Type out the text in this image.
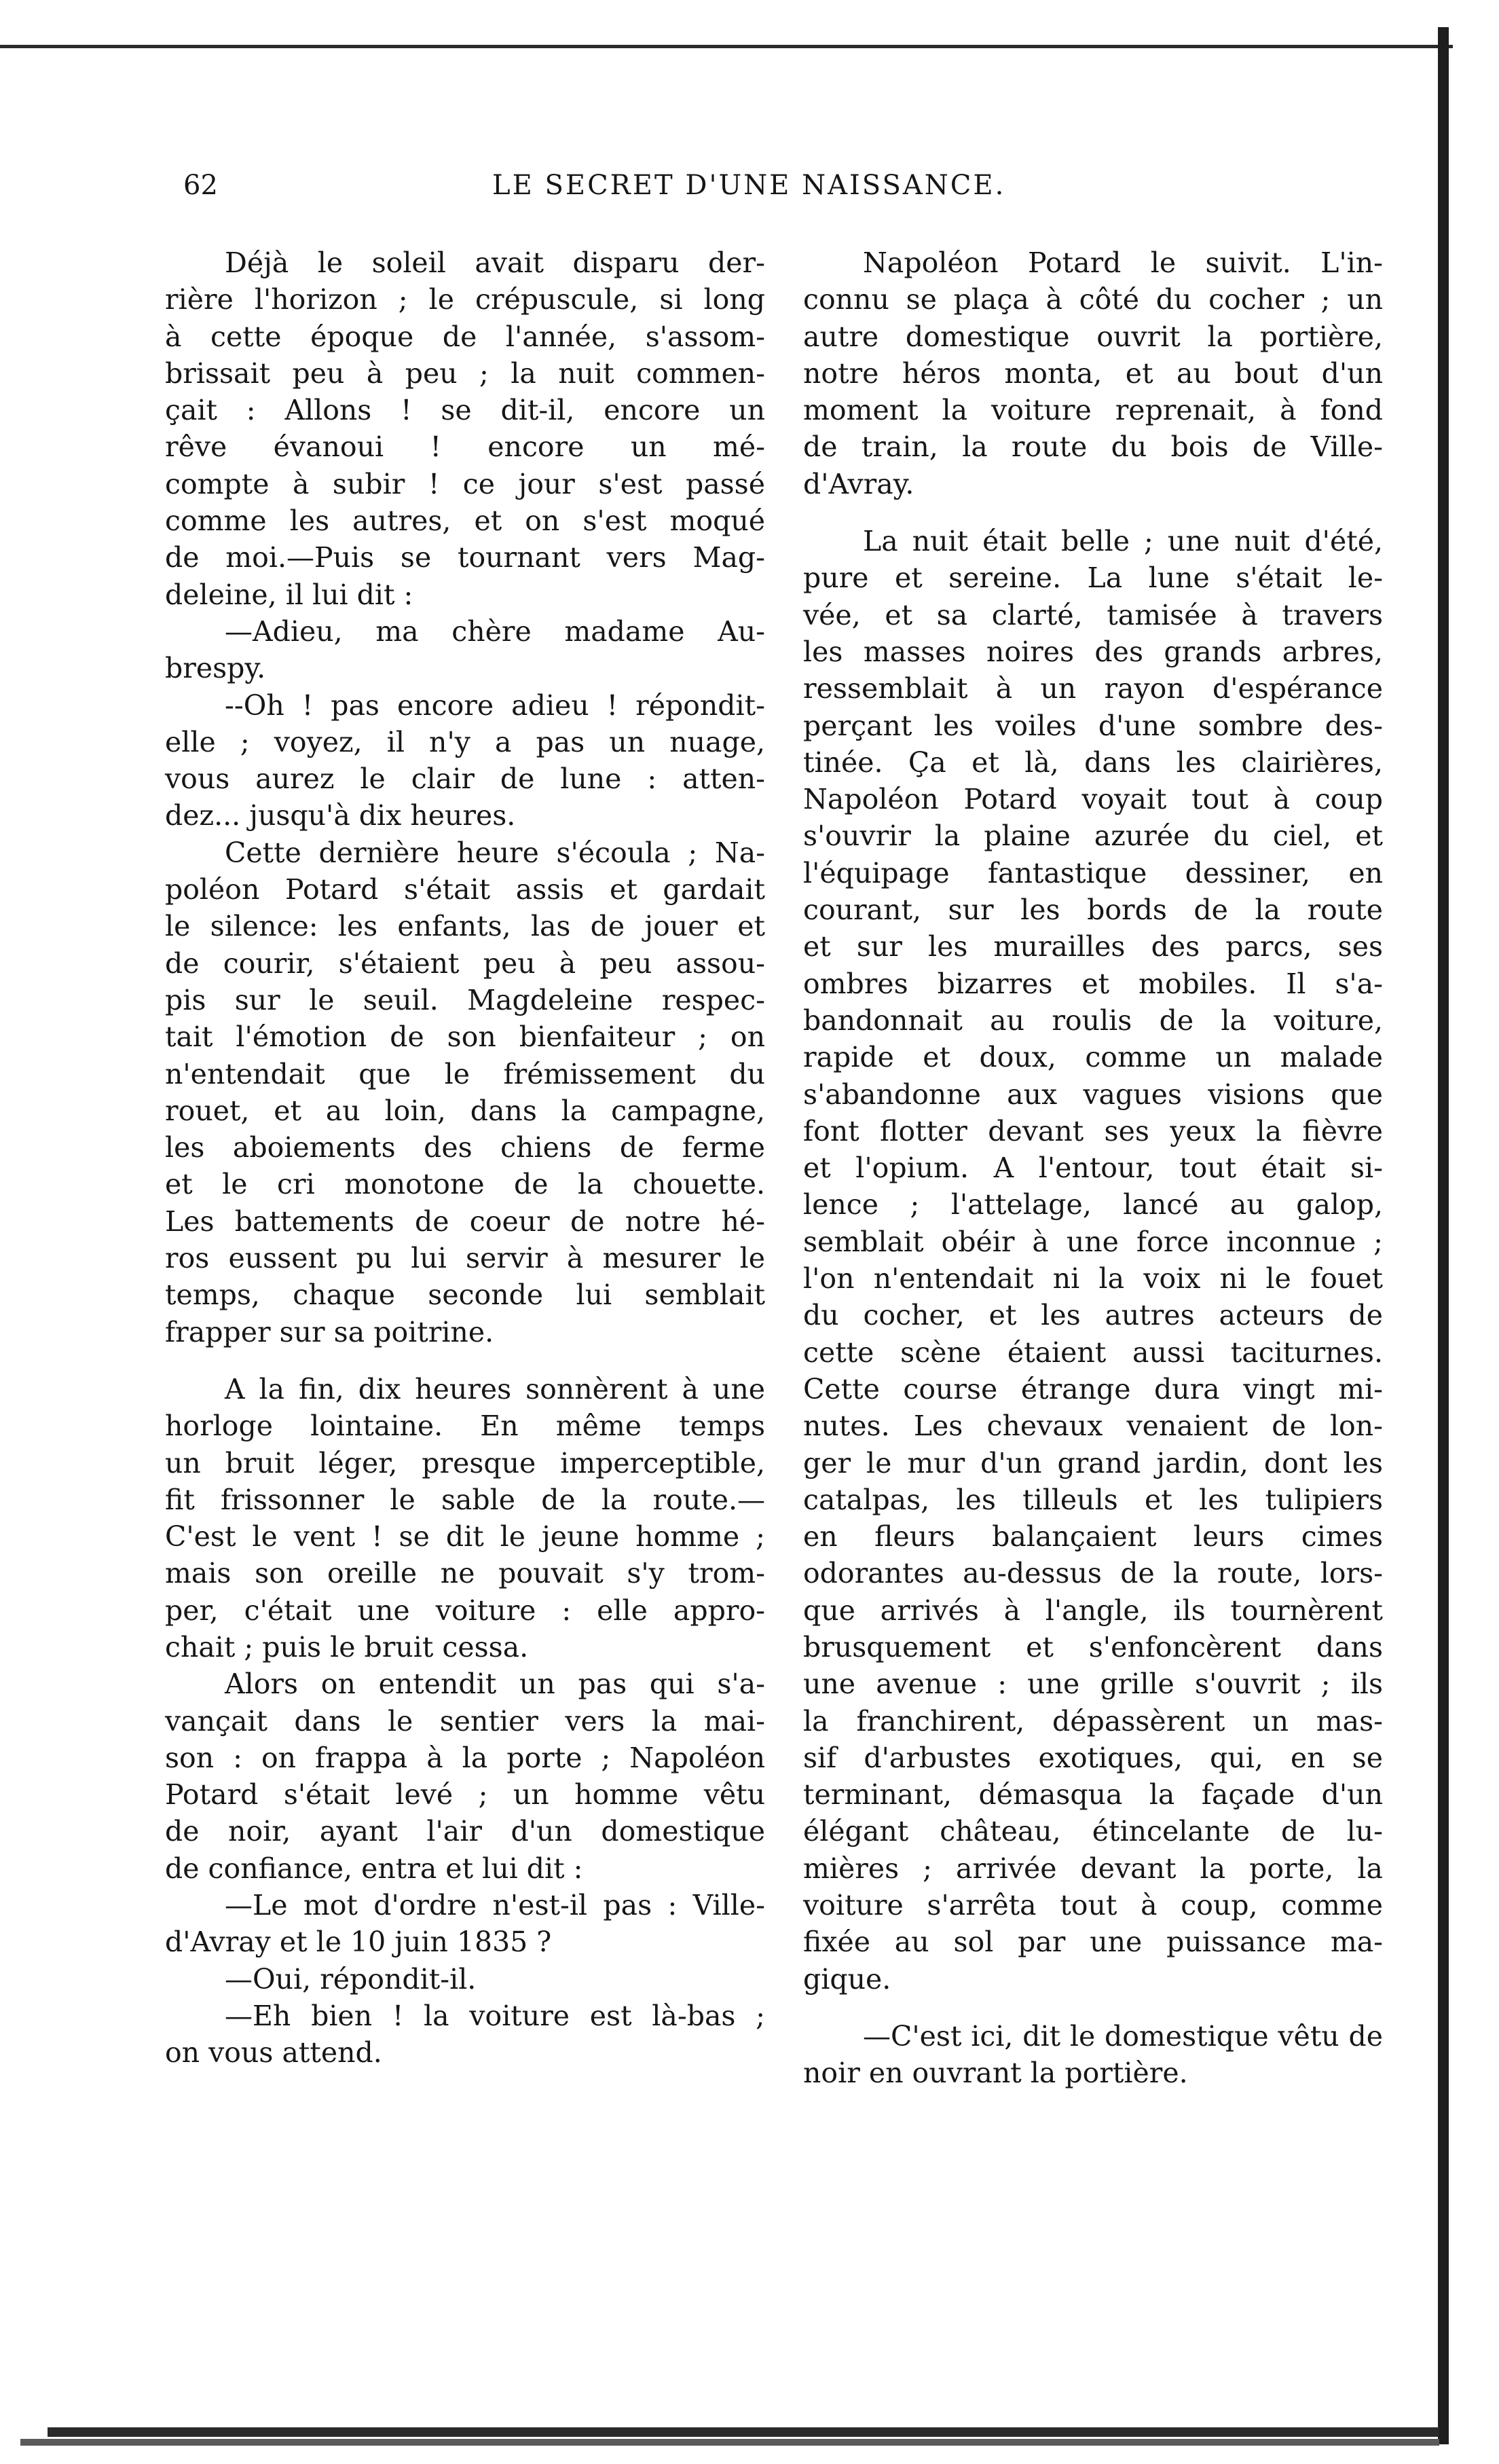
62	LE SECRET D'UNE NAISSANCE.

Déjà le soleil avait disparu der-
rière l'horizon ; le crépuscule, si long
à cette époque de l'année, s'assom-
brissait peu à peu ; la nuit commen-
çait : Allons ! se dit-il, encore un
rêve évanoui ! encore un mé-
compte à subir ! ce jour s'est passé
comme les autres, et on s'est moqué
de moi.—Puis se tournant vers Mag-
deleine, il lui dit :

—Adieu, ma chère madame Au-
brespy.

--Oh ! pas encore adieu ! répondit-
elle ; voyez, il n'y a pas un nuage,
vous aurez le clair de lune : atten-
dez... jusqu'à dix heures.

Cette dernière heure s'écoula ; Na-
poléon Potard s'était assis et gardait
le silence: les enfants, las de jouer et
de courir, s'étaient peu à peu assou-
pis sur le seuil. Magdeleine respec-
tait l'émotion de son bienfaiteur ; on
n'entendait que le frémissement du
rouet, et au loin, dans la campagne,
les aboiements des chiens de ferme
et le cri monotone de la chouette.
Les battements de coeur de notre hé-
ros eussent pu lui servir à mesurer le
temps, chaque seconde lui semblait
frapper sur sa poitrine.

A la fin, dix heures sonnèrent à une
horloge lointaine. En même temps
un bruit léger, presque imperceptible,
fit frissonner le sable de la route.—
C'est le vent ! se dit le jeune homme ;
mais son oreille ne pouvait s'y trom-
per, c'était une voiture : elle appro-
chait ; puis le bruit cessa.

Alors on entendit un pas qui s'a-
vançait dans le sentier vers la mai-
son : on frappa à la porte ; Napoléon
Potard s'était levé ; un homme vêtu
de noir, ayant l'air d'un domestique
de confiance, entra et lui dit :

—Le mot d'ordre n'est-il pas : Ville-
d'Avray et le 10 juin 1835 ?

—Oui, répondit-il.

—Eh bien ! la voiture est là-bas ;
on vous attend.

Napoléon Potard le suivit. L'in-
connu se plaça à côté du cocher ; un
autre domestique ouvrit la portière,
notre héros monta, et au bout d'un
moment la voiture reprenait, à fond
de train, la route du bois de Ville-
d'Avray.

La nuit était belle ; une nuit d'été,
pure et sereine. La lune s'était le-
vée, et sa clarté, tamisée à travers
les masses noires des grands arbres,
ressemblait à un rayon d'espérance
perçant les voiles d'une sombre des-
tinée. Ça et là, dans les clairières,
Napoléon Potard voyait tout à coup
s'ouvrir la plaine azurée du ciel, et
l'équipage fantastique dessiner, en
courant, sur les bords de la route
et sur les murailles des parcs, ses
ombres bizarres et mobiles. Il s'a-
bandonnait au roulis de la voiture,
rapide et doux, comme un malade
s'abandonne aux vagues visions que
font flotter devant ses yeux la fièvre
et l'opium. A l'entour, tout était si-
lence ; l'attelage, lancé au galop,
semblait obéir à une force inconnue ;
l'on n'entendait ni la voix ni le fouet
du cocher, et les autres acteurs de
cette scène étaient aussi taciturnes.
Cette course étrange dura vingt mi-
nutes. Les chevaux venaient de lon-
ger le mur d'un grand jardin, dont les
catalpas, les tilleuls et les tulipiers
en fleurs balançaient leurs cimes
odorantes au-dessus de la route, lors-
que arrivés à l'angle, ils tournèrent
brusquement et s'enfoncèrent dans
une avenue : une grille s'ouvrit ; ils
la franchirent, dépassèrent un mas-
sif d'arbustes exotiques, qui, en se
terminant, démasqua la façade d'un
élégant château, étincelante de lu-
mières ; arrivée devant la porte, la
voiture s'arrêta tout à coup, comme
fixée au sol par une puissance ma-
gique.

—C'est ici, dit le domestique vêtu de
noir en ouvrant la portière.
